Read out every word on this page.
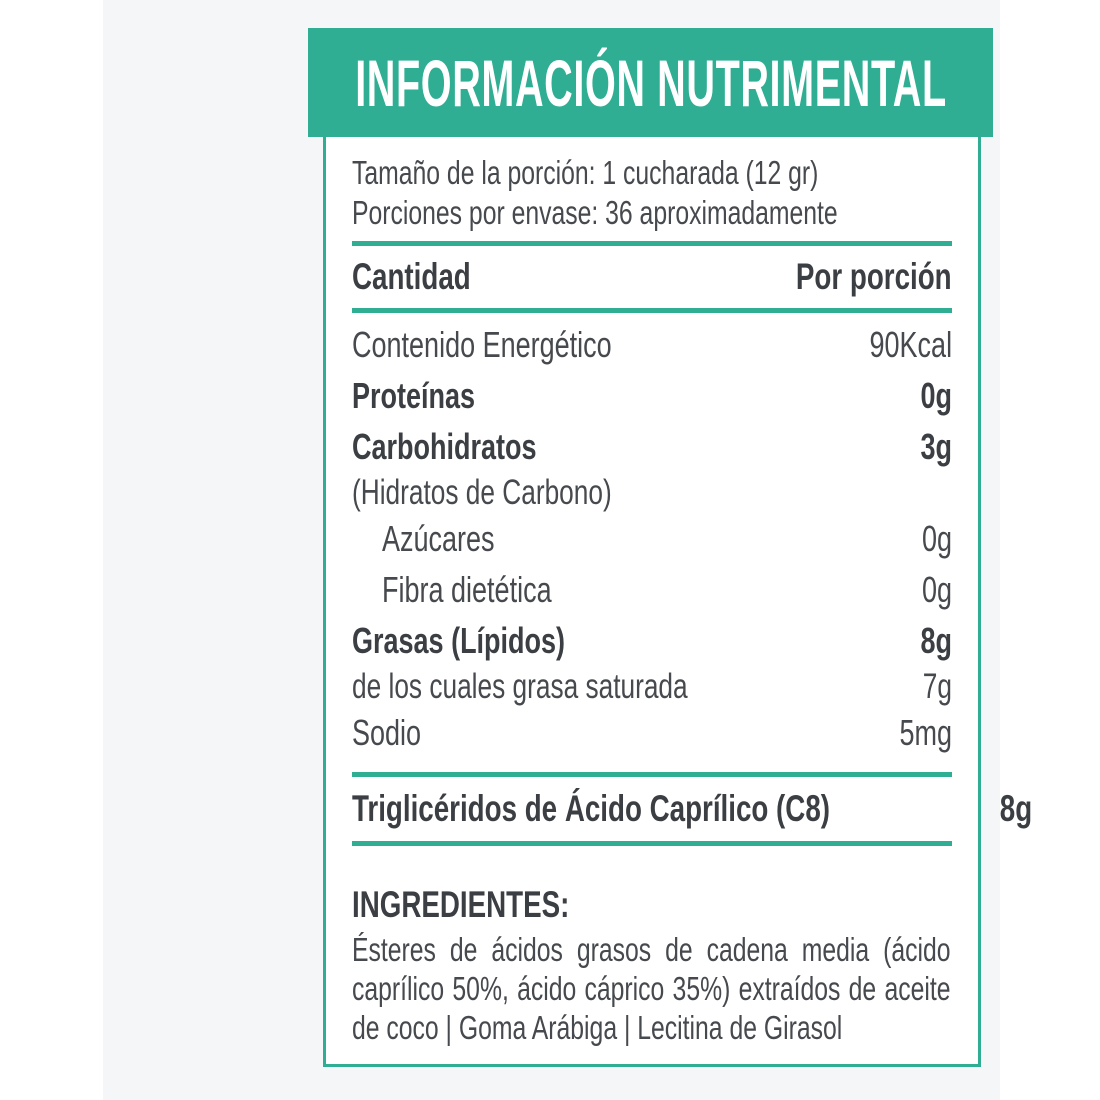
INFORMACIÓN NUTRIMENTAL
Tamaño de la porción: 1 cucharada (12 gr)
Porciones por envase: 36 aproximadamente
Cantidad	Por porción
Contenido Energético	90Kcal
Proteínas	0g
Carbohidratos	3g
(Hidratos de Carbono)
Azúcares	0g
Fibra dietética	0g
Grasas (Lípidos)	8g
de los cuales grasa saturada	7g
Sodio	5mg
Triglicéridos de Ácido Caprílico (C8)	8g
INGREDIENTES:
Ésteres de ácidos grasos de cadena media (ácido caprílico 50%, ácido cáprico 35%) extraídos de aceite de coco | Goma Arábiga | Lecitina de Girasol
